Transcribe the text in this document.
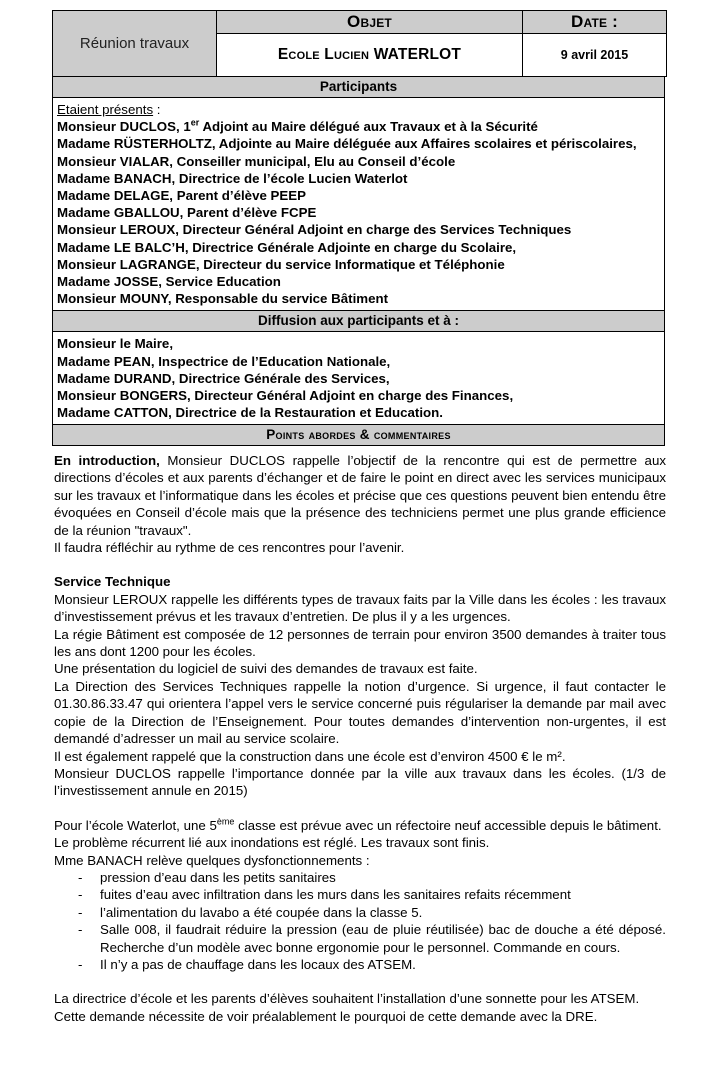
Réunion travaux	Objet	Date :
	Ecole Lucien WATERLOT	9 avril 2015
Participants
Etaient présents :
Monsieur DUCLOS, 1er Adjoint au Maire délégué aux Travaux et à la Sécurité
Madame RÜSTERHOLTZ, Adjointe au Maire déléguée aux Affaires scolaires et périscolaires,
Monsieur VIALAR, Conseiller municipal, Elu au Conseil d’école
Madame BANACH, Directrice de l’école Lucien Waterlot
Madame DELAGE, Parent d’élève PEEP
Madame GBALLOU, Parent d’élève FCPE
Monsieur LEROUX, Directeur Général Adjoint en charge des Services Techniques
Madame LE BALC’H, Directrice Générale Adjointe en charge du Scolaire,
Monsieur LAGRANGE, Directeur du service Informatique et Téléphonie
Madame JOSSE, Service Education
Monsieur MOUNY, Responsable du service Bâtiment
Diffusion aux participants et à :
Monsieur le Maire,
Madame PEAN, Inspectrice de l’Education Nationale,
Madame DURAND, Directrice Générale des Services,
Monsieur BONGERS, Directeur Général Adjoint en charge des Finances,
Madame CATTON, Directrice de la Restauration et Education.
Points abordes & commentaires

En introduction, Monsieur DUCLOS rappelle l’objectif de la rencontre qui est de permettre aux directions d’écoles et aux parents d’échanger et de faire le point en direct avec les services municipaux sur les travaux et l’informatique dans les écoles et précise que ces questions peuvent bien entendu être évoquées en Conseil d’école mais que la présence des techniciens permet une plus grande efficience de la réunion "travaux".

Il faudra réfléchir au rythme de ces rencontres pour l’avenir.

Service Technique

Monsieur LEROUX rappelle les différents types de travaux faits par la Ville dans les écoles : les travaux d’investissement prévus et les travaux d’entretien. De plus il y a les urgences.

La régie Bâtiment est composée de 12 personnes de terrain pour environ 3500 demandes à traiter tous les ans dont 1200 pour les écoles.

Une présentation du logiciel de suivi des demandes de travaux est faite.

La Direction des Services Techniques rappelle la notion d’urgence. Si urgence, il faut contacter le 01.30.86.33.47 qui orientera l’appel vers le service concerné puis régulariser la demande par mail avec copie de la Direction de l’Enseignement. Pour toutes demandes d’intervention non-urgentes, il est demandé d’adresser un mail au service scolaire.

Il est également rappelé que la construction dans une école est d’environ 4500 € le m².

Monsieur DUCLOS rappelle l’importance donnée par la ville aux travaux dans les écoles. (1/3 de l’investissement annule en 2015)

Pour l’école Waterlot, une 5ème classe est prévue avec un réfectoire neuf accessible depuis le bâtiment.

Le problème récurrent lié aux inondations est réglé. Les travaux sont finis.

Mme BANACH relève quelques dysfonctionnements :

- pression d’eau dans les petits sanitaires
- fuites d’eau avec infiltration dans les murs dans les sanitaires refaits récemment
- l’alimentation du lavabo a été coupée dans la classe 5.
- Salle 008, il faudrait réduire la pression (eau de pluie réutilisée) bac de douche a été déposé. Recherche d’un modèle avec bonne ergonomie pour le personnel. Commande en cours.
- Il n’y a pas de chauffage dans les locaux des ATSEM.

La directrice d’école et les parents d’élèves souhaitent l’installation d’une sonnette pour les ATSEM.

Cette demande nécessite de voir préalablement le pourquoi de cette demande avec la DRE.
